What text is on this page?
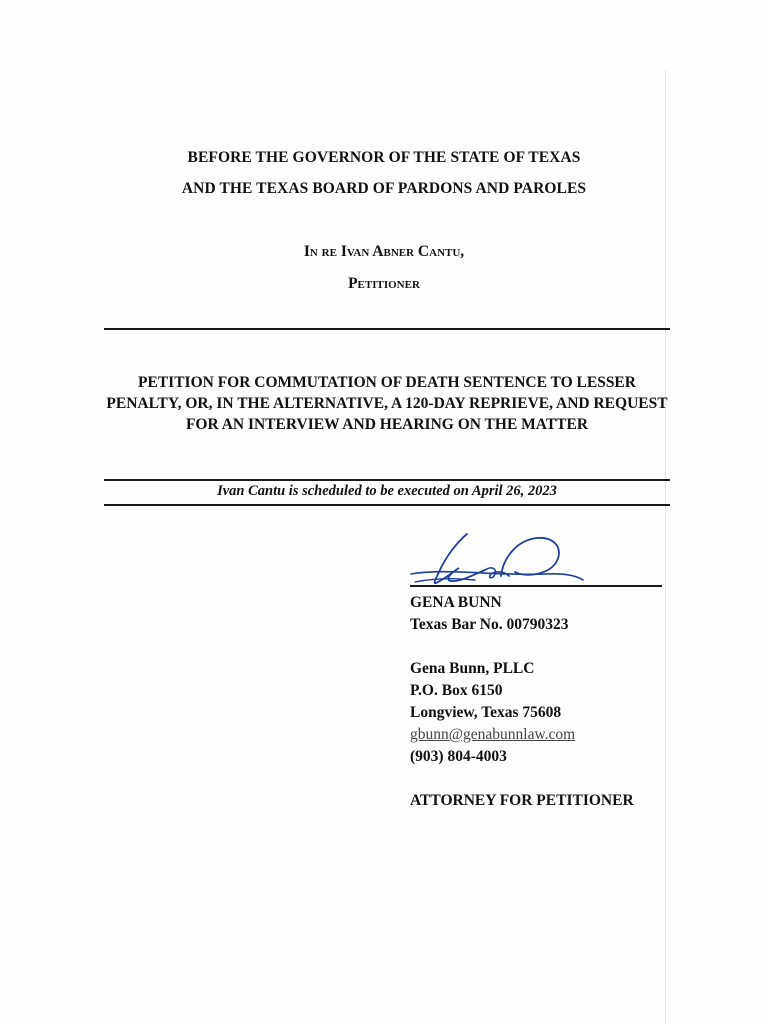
BEFORE THE GOVERNOR OF THE STATE OF TEXAS
AND THE TEXAS BOARD OF PARDONS AND PAROLES
In re Ivan Abner Cantu,
Petitioner
PETITION FOR COMMUTATION OF DEATH SENTENCE TO LESSER PENALTY, OR, IN THE ALTERNATIVE, A 120-DAY REPRIEVE, AND REQUEST FOR AN INTERVIEW AND HEARING ON THE MATTER
Ivan Cantu is scheduled to be executed on April 26, 2023
GENA BUNN
Texas Bar No. 00790323
Gena Bunn, PLLC
P.O. Box 6150
Longview, Texas 75608
gbunn@genabunnlaw.com
(903) 804-4003
ATTORNEY FOR PETITIONER
